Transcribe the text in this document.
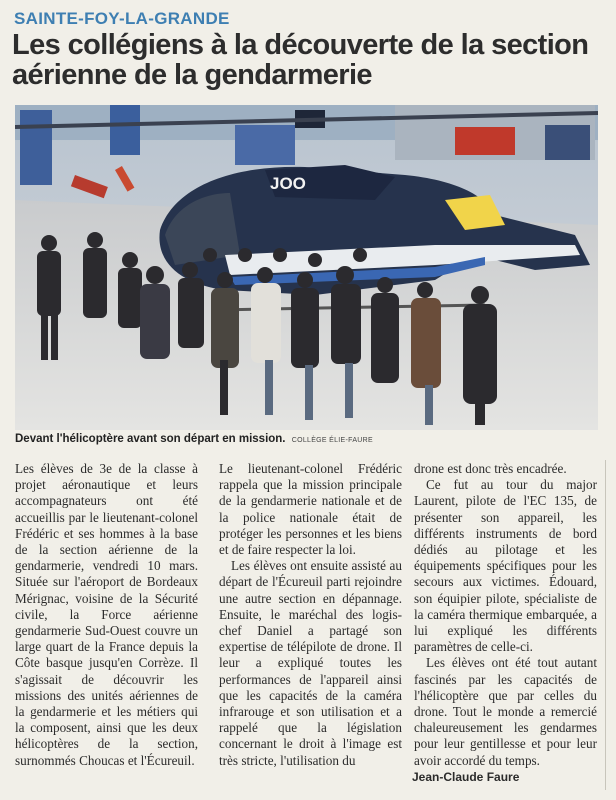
SAINTE-FOY-LA-GRANDE
Les collégiens à la découverte de la section aérienne de la gendarmerie
JOO
Devant l'hélicoptère avant son départ en mission. COLLÈGE ÉLIE-FAURE

Les élèves de 3e de la classe à projet aéronautique et leurs accompagnateurs ont été accueillis par le lieutenant-colonel Frédéric et ses hommes à la base de la section aérienne de la gendarmerie, vendredi 10 mars. Située sur l'aéroport de Bordeaux Mérignac, voisine de la Sécurité civile, la Force aérienne gendarmerie Sud-Ouest couvre un large quart de la France depuis la Côte basque jusqu'en Corrèze. Il s'agissait de découvrir les missions des unités aériennes de la gendarmerie et les métiers qui la composent, ainsi que les deux hélicoptères de la section, surnommés Choucas et l'Écureuil.

Le lieutenant-colonel Frédéric rappela que la mission principale de la gendarmerie nationale et de la police nationale était de protéger les personnes et les biens et de faire respecter la loi.

Les élèves ont ensuite assisté au départ de l'Écureuil parti rejoindre une autre section en dépannage. Ensuite, le maréchal des logis-chef Daniel a partagé son expertise de télépilote de drone. Il leur a expliqué toutes les performances de l'appareil ainsi que les capacités de la caméra infrarouge et son utilisation et a rappelé que la législation concernant le droit à l'image est très stricte, l'utilisation du

drone est donc très encadrée.

Ce fut au tour du major Laurent, pilote de l'EC 135, de présenter son appareil, les différents instruments de bord dédiés au pilotage et les équipements spécifiques pour les secours aux victimes. Édouard, son équipier pilote, spécialiste de la caméra thermique embarquée, a lui expliqué les différents paramètres de celle-ci.

Les élèves ont été tout autant fascinés par les capacités de l'hélicoptère que par celles du drone. Tout le monde a remercié chaleureusement les gendarmes pour leur gentillesse et pour leur avoir accordé du temps.

Jean-Claude Faure
